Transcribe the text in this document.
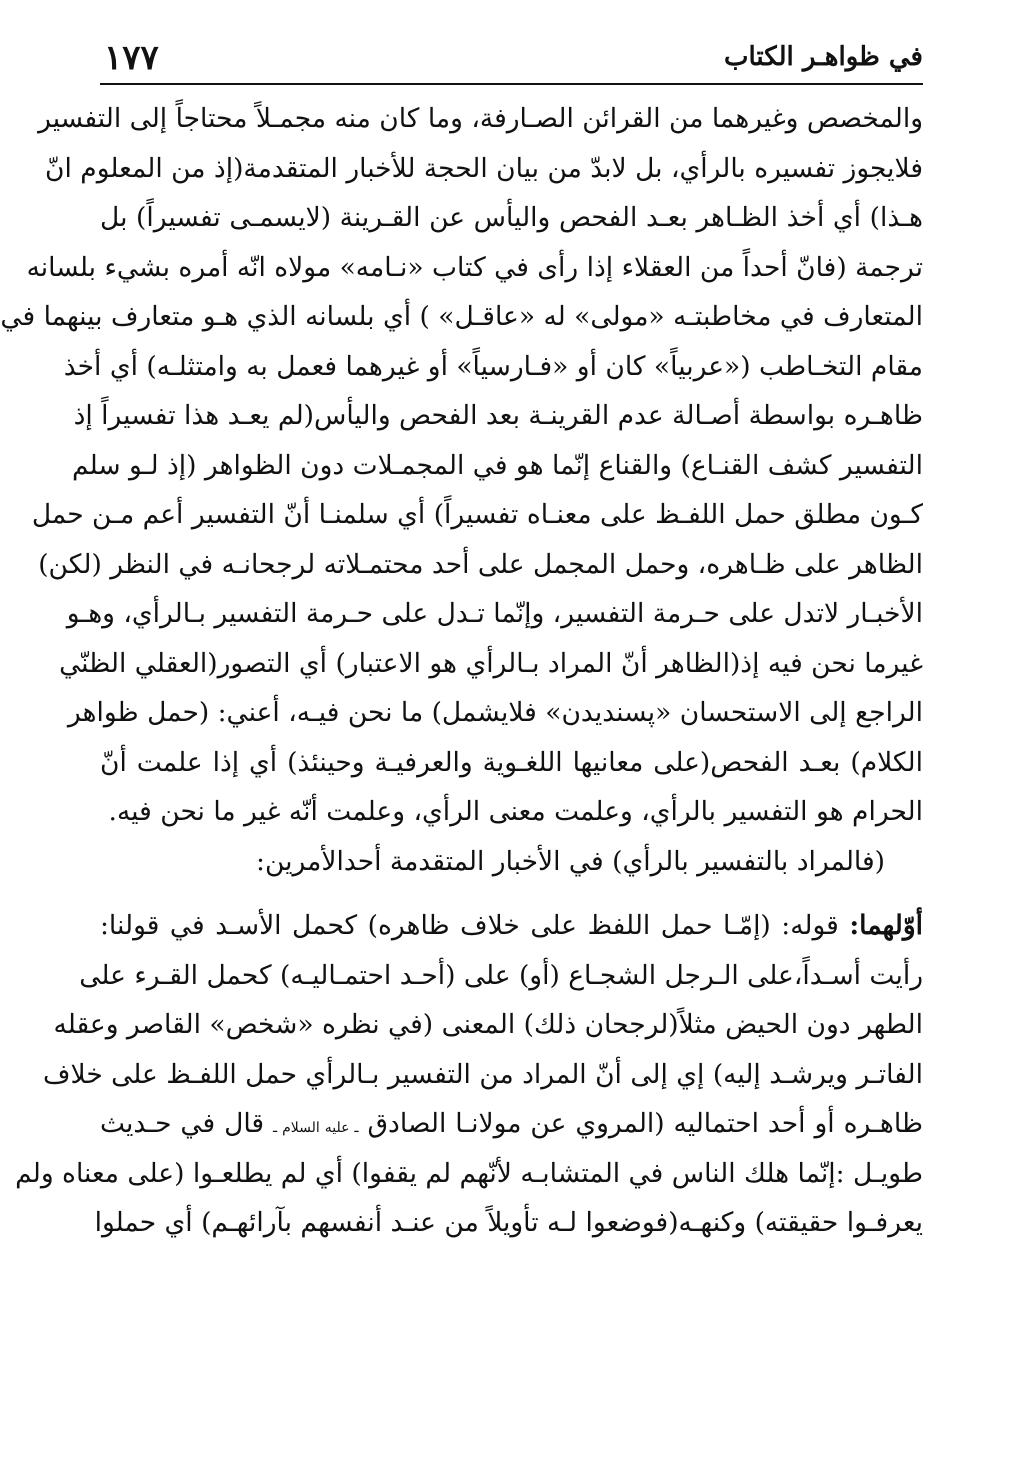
في ظواهـر الكتاب
١٧٧
والمخصص وغيرهما من القرائن الصـارفة، وما كان منه مجمـلاً محتاجاً إلى التفسير
فلايجوز تفسيره بالرأي، بل لابدّ من بيان الحجة للأخبار المتقدمة(إذ من المعلوم انّ
هـذا) أي أخذ الظـاهر بعـد الفحص واليأس عن القـرينة (لايسمـى تفسيراً) بل
ترجمة (فانّ أحداً من العقلاء إذا رأى في كتاب «نـامه» مولاه انّه أمره بشيء بلسانه
المتعارف في مخاطبتـه «مولى» له «عاقـل» ) أي بلسانه الذي هـو متعارف بينهما في
مقام التخـاطب («عربياً» كان أو «فـارسياً» أو غيرهما فعمل به وامتثلـه) أي أخذ
ظاهـره بواسطة أصـالة عدم القرينـة بعد الفحص واليأس(لم يعـد هذا تفسيراً إذ
التفسير كشف القنـاع) والقناع إنّما هو في المجمـلات دون الظواهر (إذ لـو سلم
كـون مطلق حمل اللفـظ على معنـاه تفسيراً) أي سلمنـا أنّ التفسير أعم مـن حمل
الظاهر على ظـاهره، وحمل المجمل على أحد محتمـلاته لرجحانـه في النظر (لكن)
الأخبـار لاتدل على حـرمة التفسير، وإنّما تـدل على حـرمة التفسير بـالرأي، وهـو
غيرما نحن فيه إذ(الظاهر أنّ المراد بـالرأي هو الاعتبار) أي التصور(العقلي الظنّي
الراجع إلى الاستحسان «پسنديدن» فلايشمل) ما نحن فيـه، أعني: (حمل ظواهر
الكلام) بعـد الفحص(على معانيها اللغـوية والعرفيـة وحينئذ) أي إذا علمت أنّ
الحرام هو التفسير بالرأي، وعلمت معنى الرأي، وعلمت أنّه غير ما نحن فيه.
(فالمراد بالتفسير بالرأي) في الأخبار المتقدمة أحدالأمرين:
أوّلهما: قوله: (إمّـا حمل اللفظ على خلاف ظاهره) كحمل الأسـد في قولنا:
رأيت أسـداً،على الـرجل الشجـاع (أو) على (أحـد احتمـاليـه) كحمل القـرء على
الطهر دون الحيض مثلاً(لرجحان ذلك) المعنى (في نظره «شخص» القاصر وعقله
الفاتـر ويرشـد إليه) إي إلى أنّ المراد من التفسير بـالرأي حمل اللفـظ على خلاف
ظاهـره أو أحد احتماليه (المروي عن مولانـا الصادق ـ عليه السلام ـ قال في حـديث
طويـل :إنّما هلك الناس في المتشابـه لأنّهم لم يقفوا) أي لم يطلعـوا (على معناه ولم
يعرفـوا حقيقته) وكنهـه(فوضعوا لـه تأويلاً من عنـد أنفسهم بآرائهـم) أي حملوا
